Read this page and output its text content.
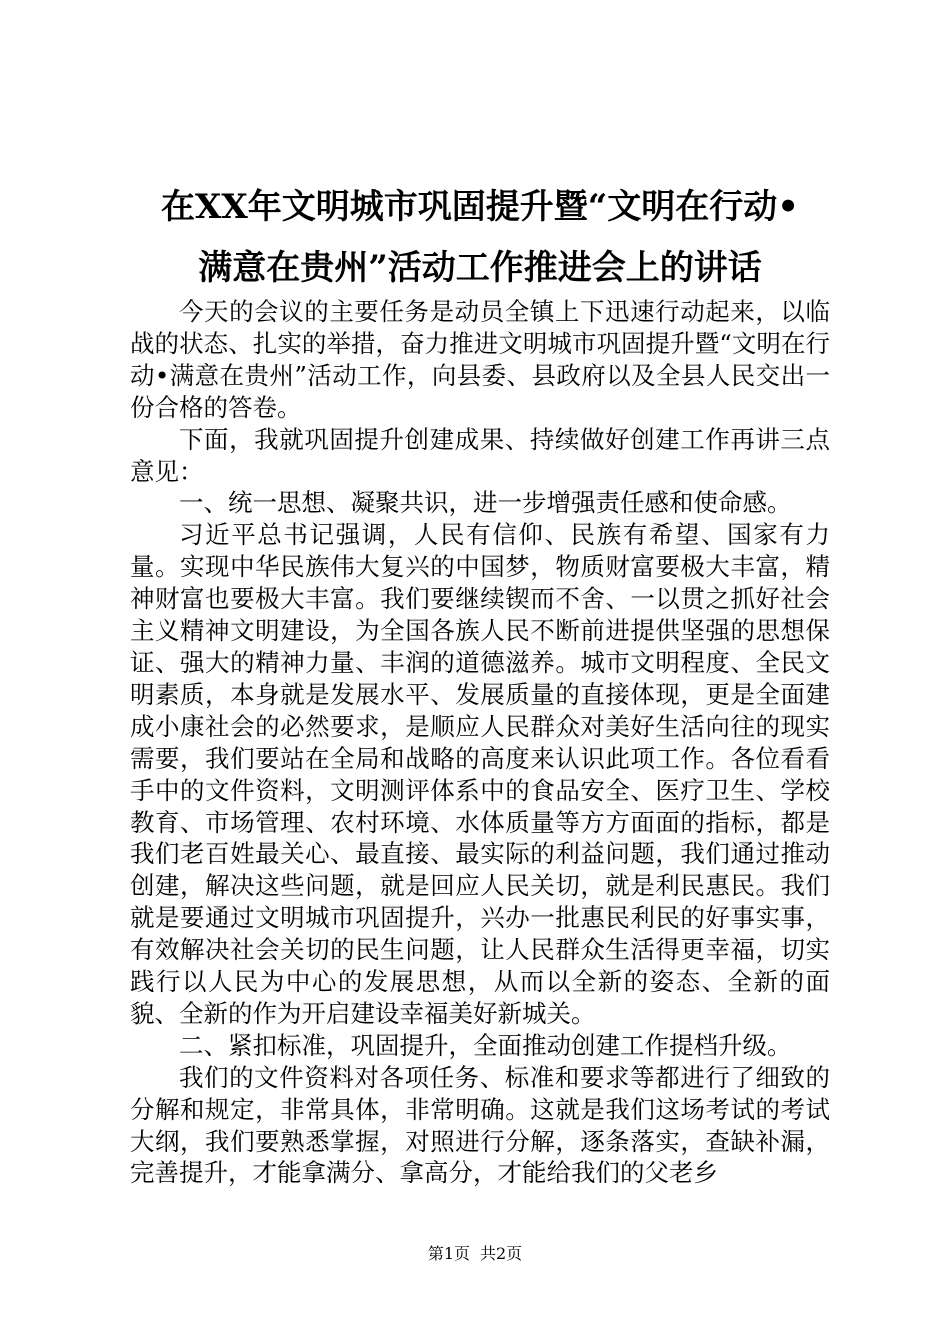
在XX年文明城市巩固提升暨“文明在行动•
满意在贵州”活动工作推进会上的讲话

今天的会议的主要任务是动员全镇上下迅速行动起来，以临战的状态、扎实的举措，奋力推进文明城市巩固提升暨“文明在行动•满意在贵州”活动工作，向县委、县政府以及全县人民交出一份合格的答卷。

下面，我就巩固提升创建成果、持续做好创建工作再讲三点意见：

一、统一思想、凝聚共识，进一步增强责任感和使命感。

习近平总书记强调，人民有信仰、民族有希望、国家有力量。实现中华民族伟大复兴的中国梦，物质财富要极大丰富，精神财富也要极大丰富。我们要继续锲而不舍、一以贯之抓好社会主义精神文明建设，为全国各族人民不断前进提供坚强的思想保证、强大的精神力量、丰润的道德滋养。城市文明程度、全民文明素质，本身就是发展水平、发展质量的直接体现，更是全面建成小康社会的必然要求，是顺应人民群众对美好生活向往的现实需要，我们要站在全局和战略的高度来认识此项工作。各位看看手中的文件资料，文明测评体系中的食品安全、医疗卫生、学校教育、市场管理、农村环境、水体质量等方方面面的指标，都是我们老百姓最关心、最直接、最实际的利益问题，我们通过推动创建，解决这些问题，就是回应人民关切，就是利民惠民。我们就是要通过文明城市巩固提升，兴办一批惠民利民的好事实事，有效解决社会关切的民生问题，让人民群众生活得更幸福，切实践行以人民为中心的发展思想，从而以全新的姿态、全新的面貌、全新的作为开启建设幸福美好新城关。

二、紧扣标准，巩固提升，全面推动创建工作提档升级。

我们的文件资料对各项任务、标准和要求等都进行了细致的分解和规定，非常具体，非常明确。这就是我们这场考试的考试大纲，我们要熟悉掌握，对照进行分解，逐条落实，查缺补漏，完善提升，才能拿满分、拿高分，才能给我们的父老乡

第1页 共2页
